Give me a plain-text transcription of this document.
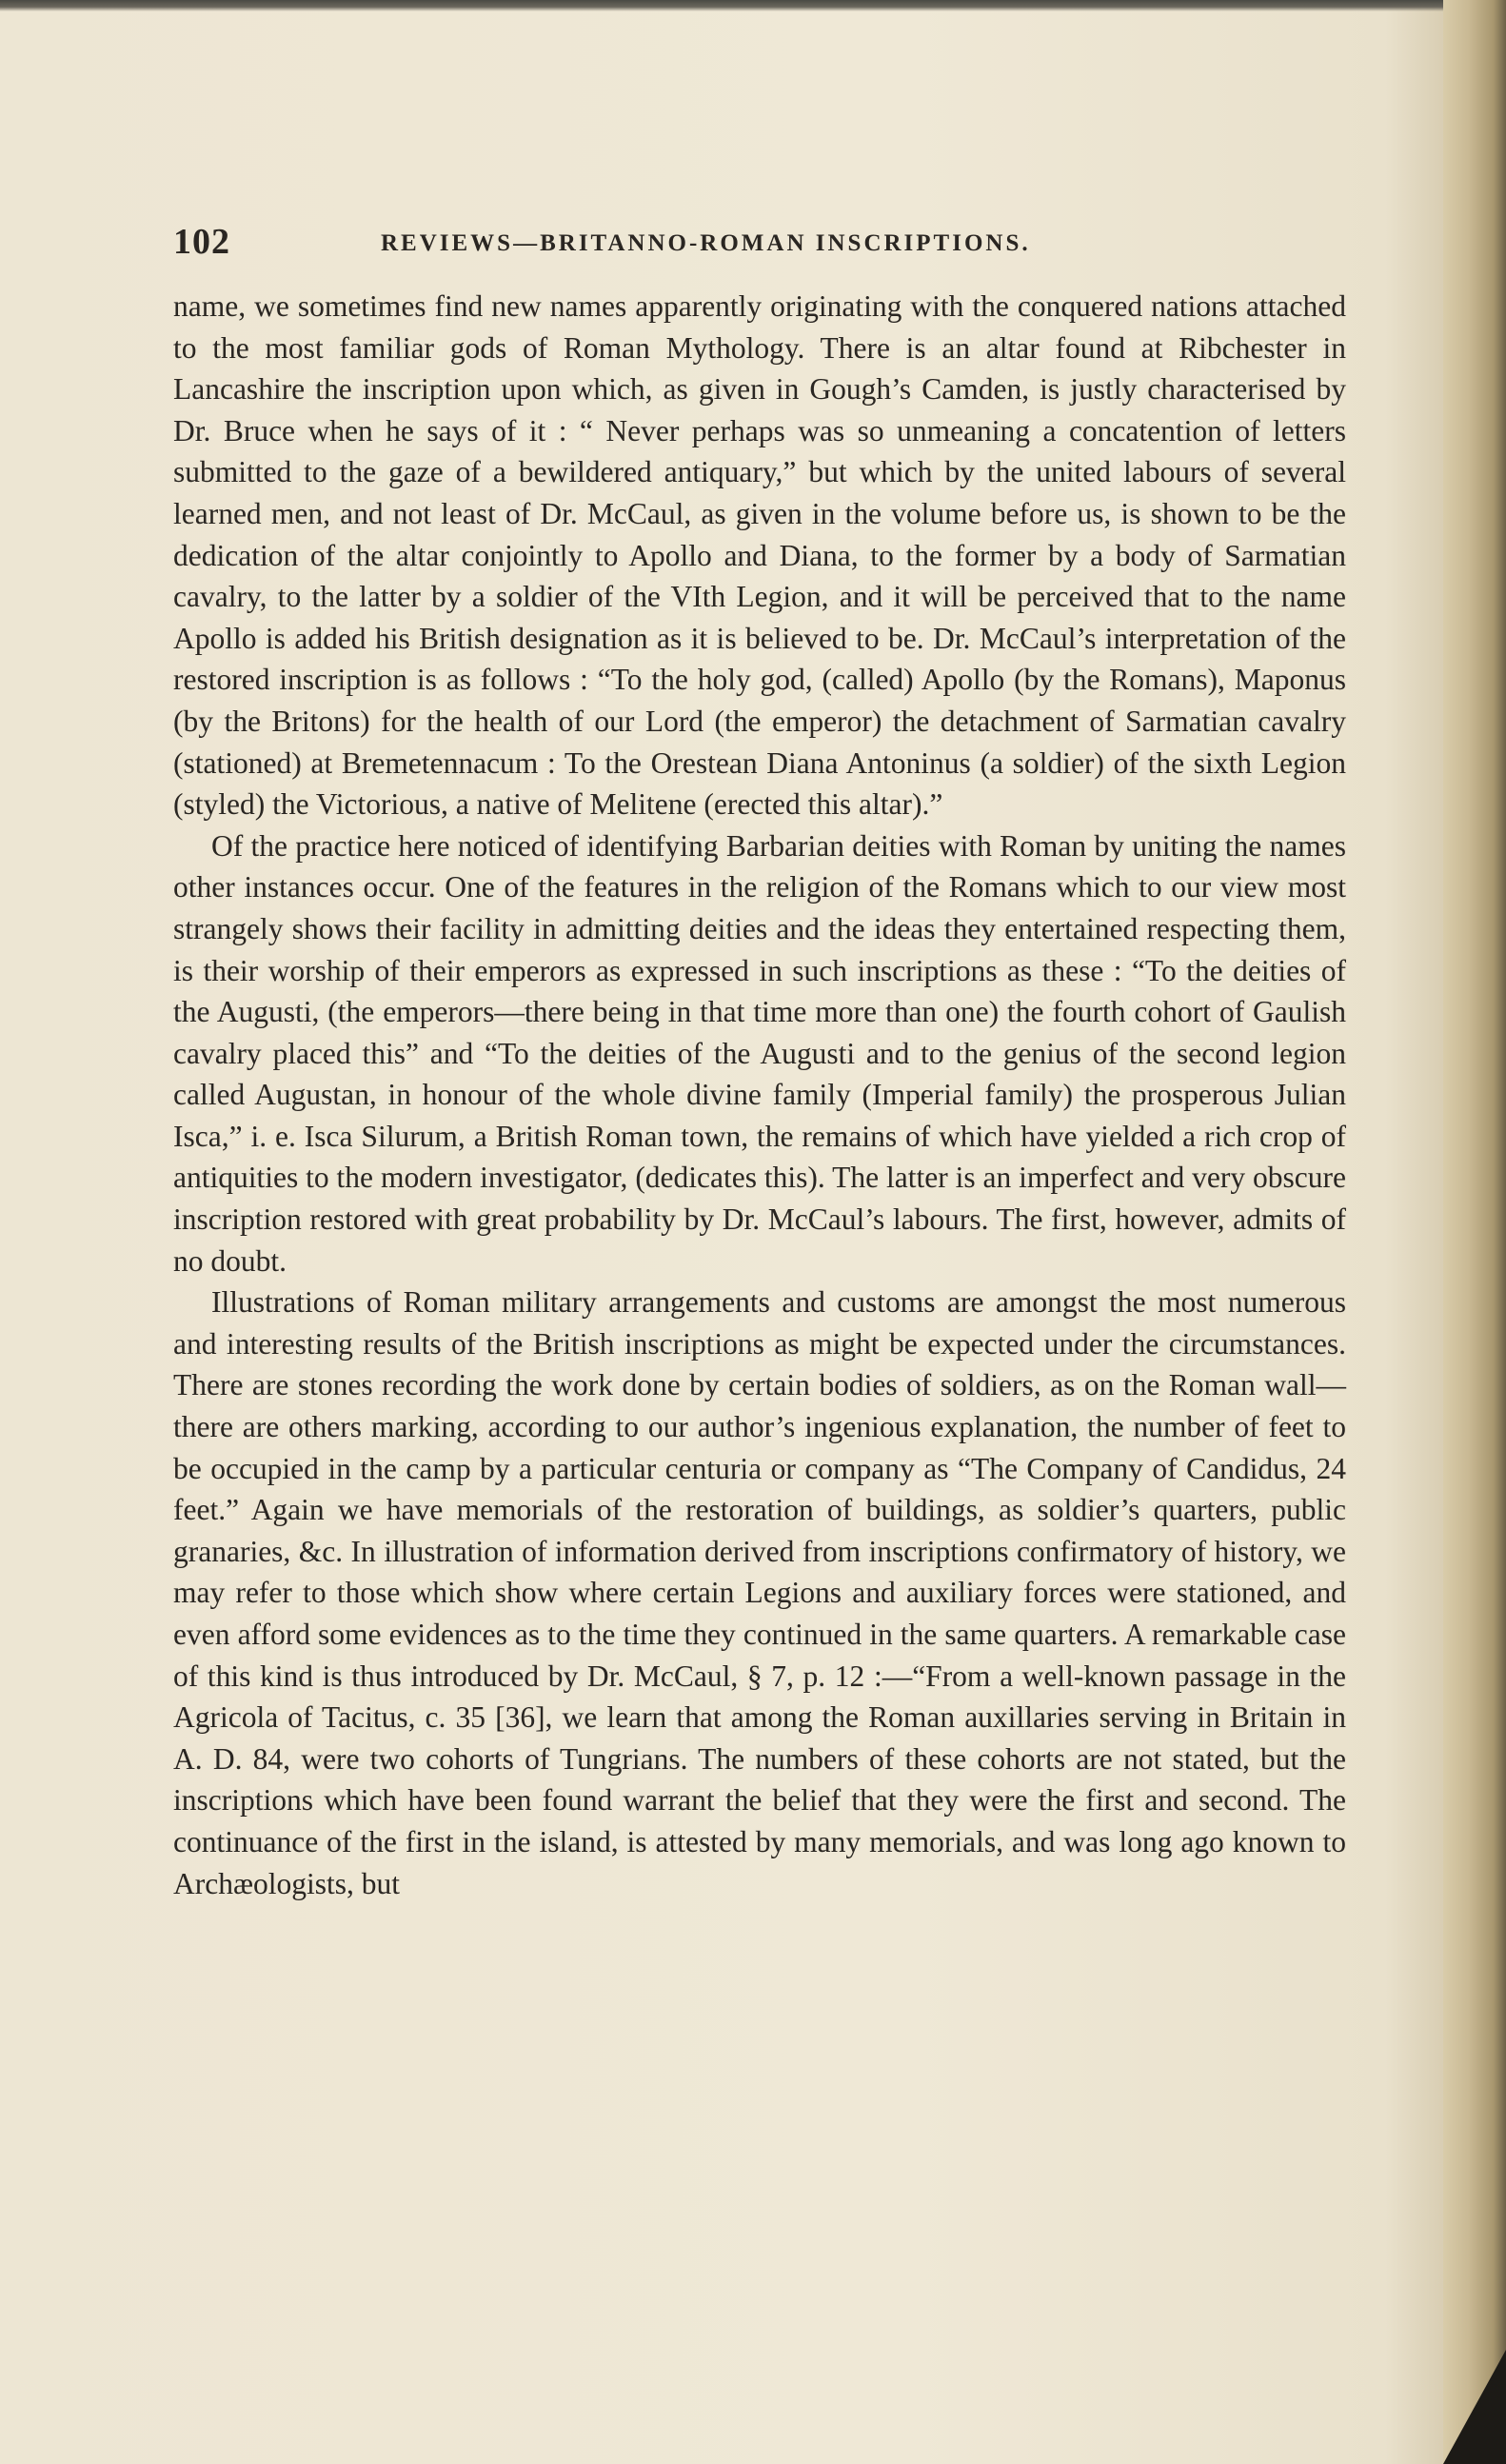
102	REVIEWS—BRITANNO-ROMAN INSCRIPTIONS.

name, we sometimes find new names apparently originating with the conquered nations attached to the most familiar gods of Roman Mythology. There is an altar found at Ribchester in Lancashire the inscription upon which, as given in Gough’s Camden, is justly characterised by Dr. Bruce when he says of it : “ Never perhaps was so unmeaning a concatention of letters submitted to the gaze of a bewildered antiquary,” but which by the united labours of several learned men, and not least of Dr. McCaul, as given in the volume before us, is shown to be the dedication of the altar conjointly to Apollo and Diana, to the former by a body of Sarmatian cavalry, to the latter by a soldier of the VIth Legion, and it will be perceived that to the name Apollo is added his British designation as it is believed to be. Dr. McCaul’s interpretation of the restored inscription is as follows : “To the holy god, (called) Apollo (by the Romans), Maponus (by the Britons) for the health of our Lord (the emperor) the detachment of Sarmatian cavalry (stationed) at Bremetennacum : To the Orestean Diana Antoninus (a soldier) of the sixth Legion (styled) the Victorious, a native of Melitene (erected this altar).”

Of the practice here noticed of identifying Barbarian deities with Roman by uniting the names other instances occur. One of the features in the religion of the Romans which to our view most strangely shows their facility in admitting deities and the ideas they entertained respecting them, is their worship of their emperors as expressed in such inscriptions as these : “To the deities of the Augusti, (the emperors—there being in that time more than one) the fourth cohort of Gaulish cavalry placed this” and “To the deities of the Augusti and to the genius of the second legion called Augustan, in honour of the whole divine family (Imperial family) the prosperous Julian Isca,” i. e. Isca Silurum, a British Roman town, the remains of which have yielded a rich crop of antiquities to the modern investigator, (dedicates this). The latter is an imperfect and very obscure inscription restored with great probability by Dr. McCaul’s labours. The first, however, admits of no doubt.

Illustrations of Roman military arrangements and customs are amongst the most numerous and interesting results of the British inscriptions as might be expected under the circumstances. There are stones recording the work done by certain bodies of soldiers, as on the Roman wall—there are others marking, according to our author’s ingenious explanation, the number of feet to be occupied in the camp by a particular centuria or company as “The Company of Candidus, 24 feet.” Again we have memorials of the restoration of buildings, as soldier’s quarters, public granaries, &c. In illustration of information derived from inscriptions confirmatory of history, we may refer to those which show where certain Legions and auxiliary forces were stationed, and even afford some evidences as to the time they continued in the same quarters. A remarkable case of this kind is thus introduced by Dr. McCaul, § 7, p. 12 :—“From a well-known passage in the Agricola of Tacitus, c. 35 [36], we learn that among the Roman auxillaries serving in Britain in A. D. 84, were two cohorts of Tungrians. The numbers of these cohorts are not stated, but the inscriptions which have been found warrant the belief that they were the first and second. The continuance of the first in the island, is attested by many memorials, and was long ago known to Archæologists, but
